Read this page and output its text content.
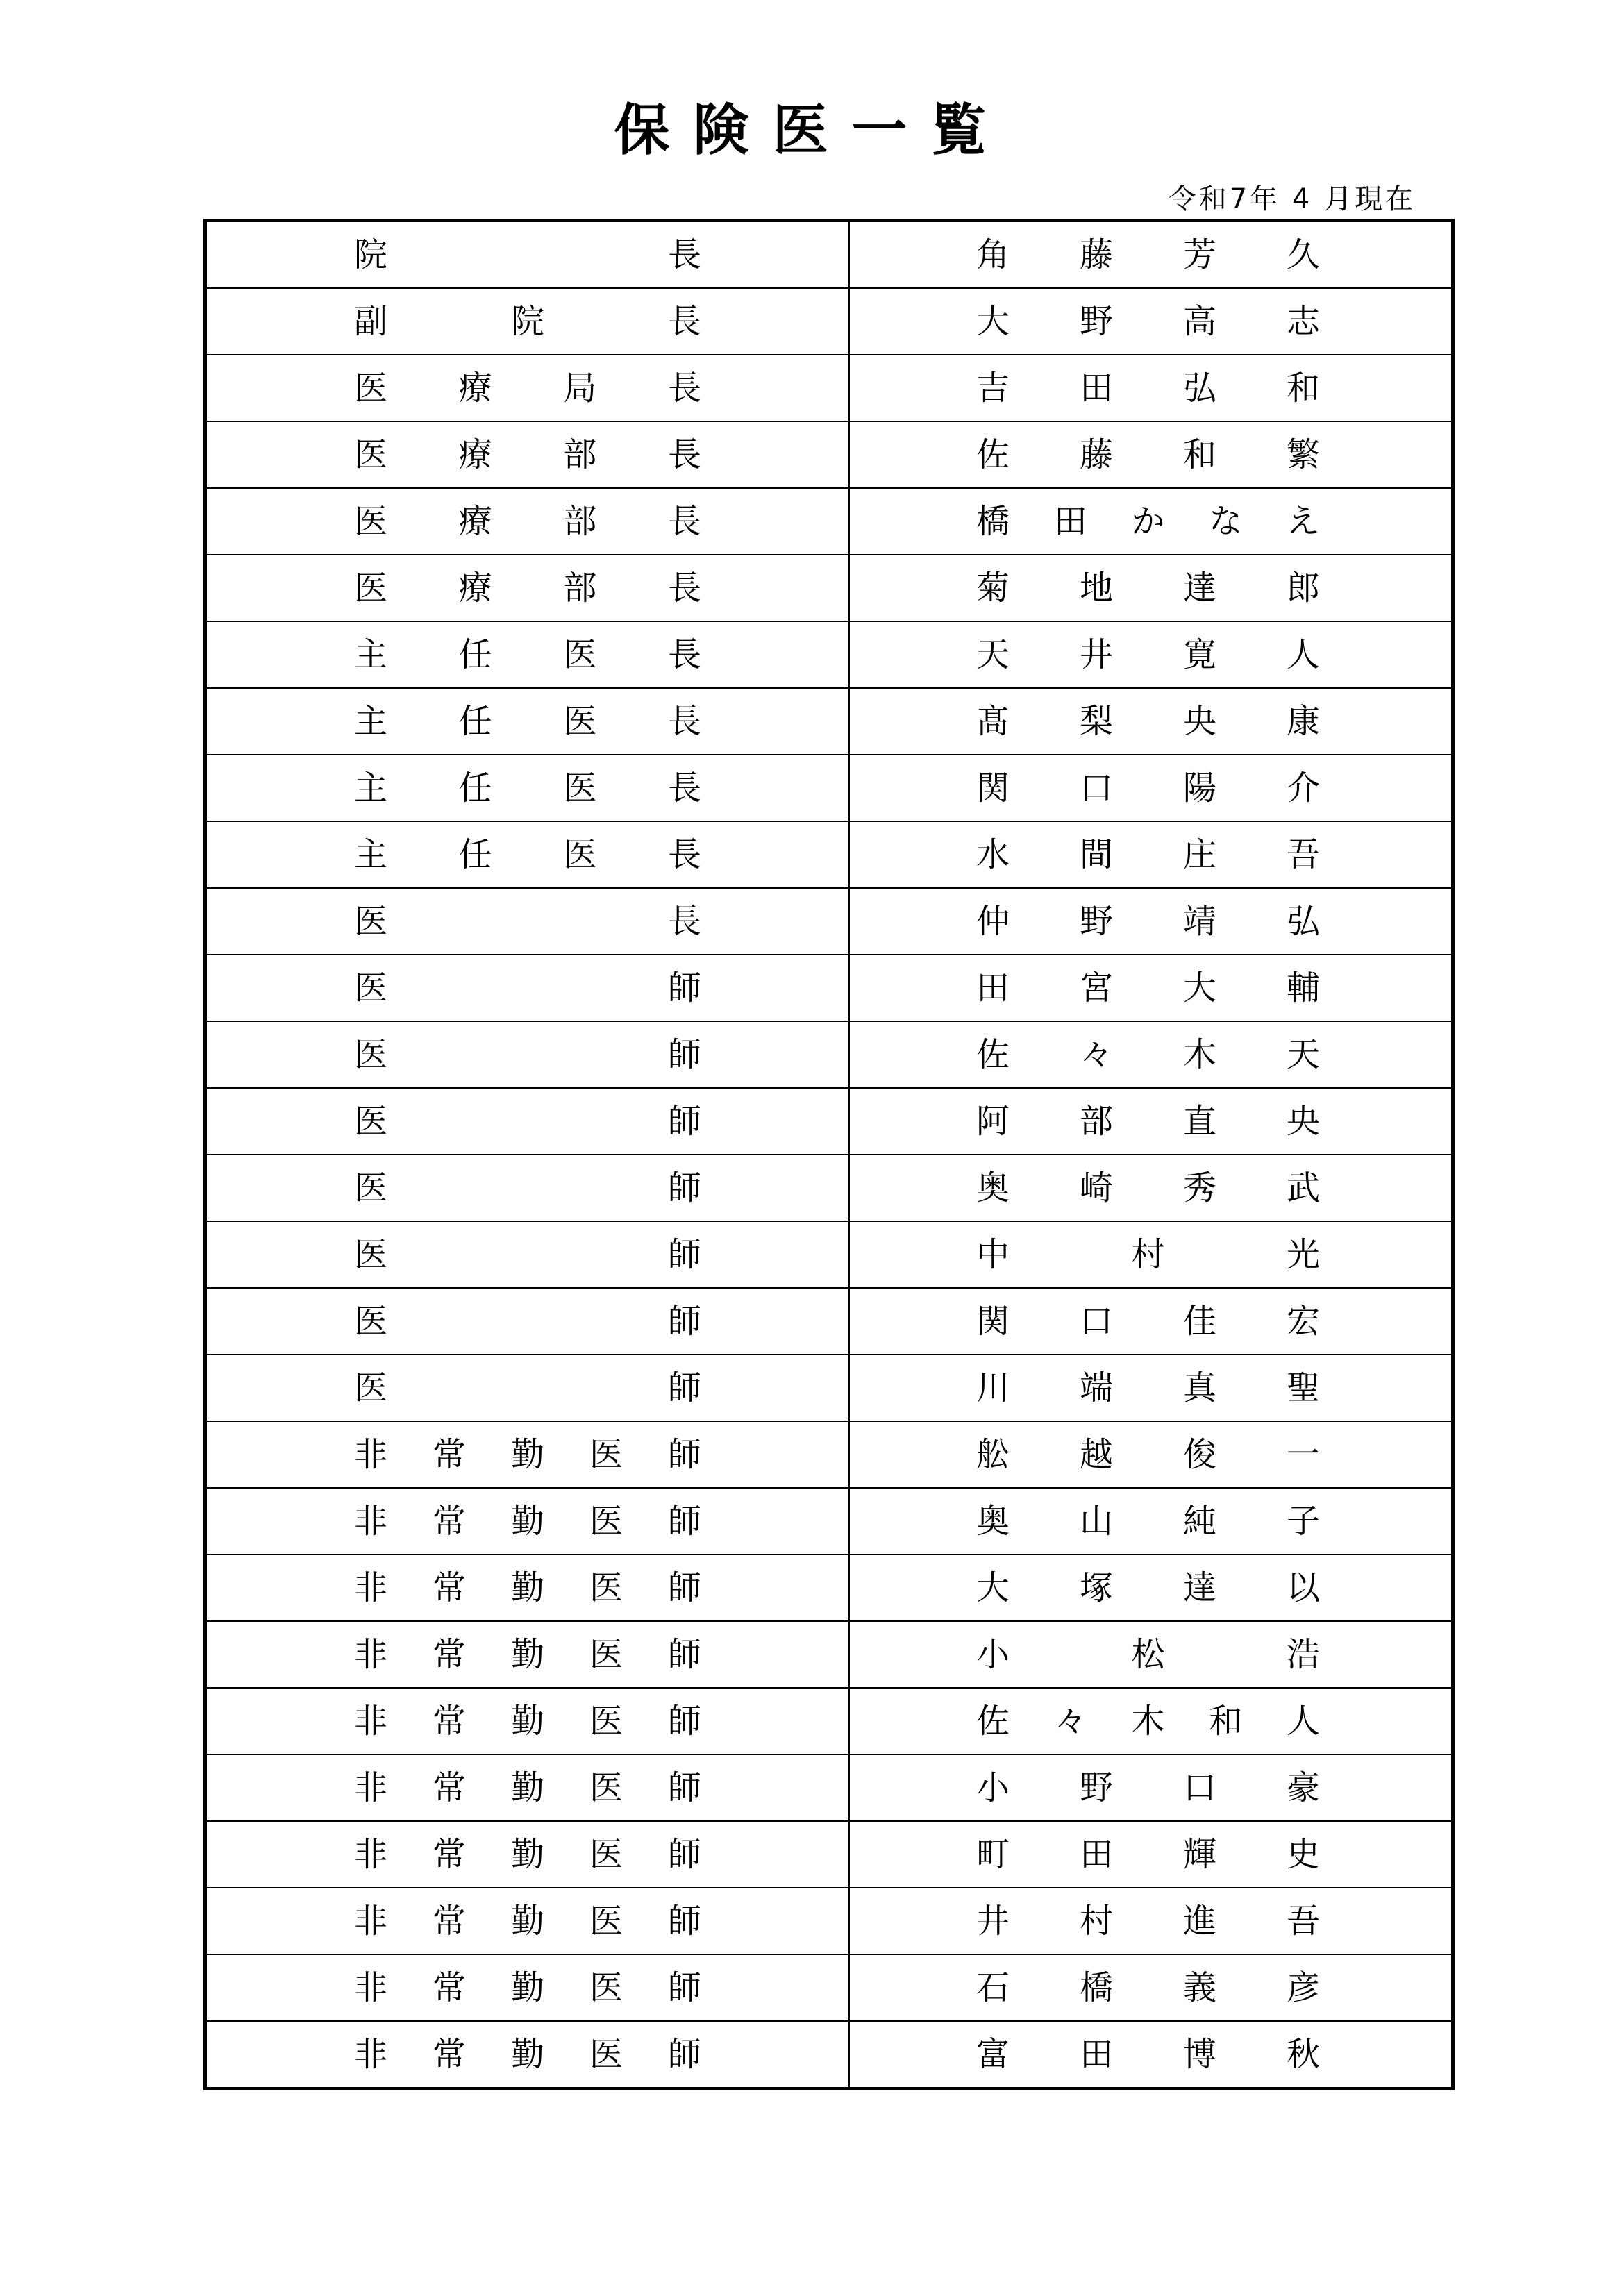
保険医一覧
令和7年 4 月現在
院 長	角 藤 芳 久

副 院 長	大 野 高 志

医 療 局 長	吉 田 弘 和

医 療 部 長	佐 藤 和 繁

医 療 部 長	橋 田 か な え

医 療 部 長	菊 地 達 郎

主 任 医 長	天 井 寛 人

主 任 医 長	髙 梨 央 康

主 任 医 長	関 口 陽 介

主 任 医 長	水 間 庄 吾

医 長	仲 野 靖 弘

医 師	田 宮 大 輔

医 師	佐 々 木 天

医 師	阿 部 直 央

医 師	奥 崎 秀 武

医 師	中 村 光

医 師	関 口 佳 宏

医 師	川 端 真 聖

非 常 勤 医 師	舩 越 俊 一

非 常 勤 医 師	奥 山 純 子

非 常 勤 医 師	大 塚 達 以

非 常 勤 医 師	小 松 浩

非 常 勤 医 師	佐 々 木 和 人

非 常 勤 医 師	小 野 口 豪

非 常 勤 医 師	町 田 輝 史

非 常 勤 医 師	井 村 進 吾

非 常 勤 医 師	石 橋 義 彦

非 常 勤 医 師	富 田 博 秋
